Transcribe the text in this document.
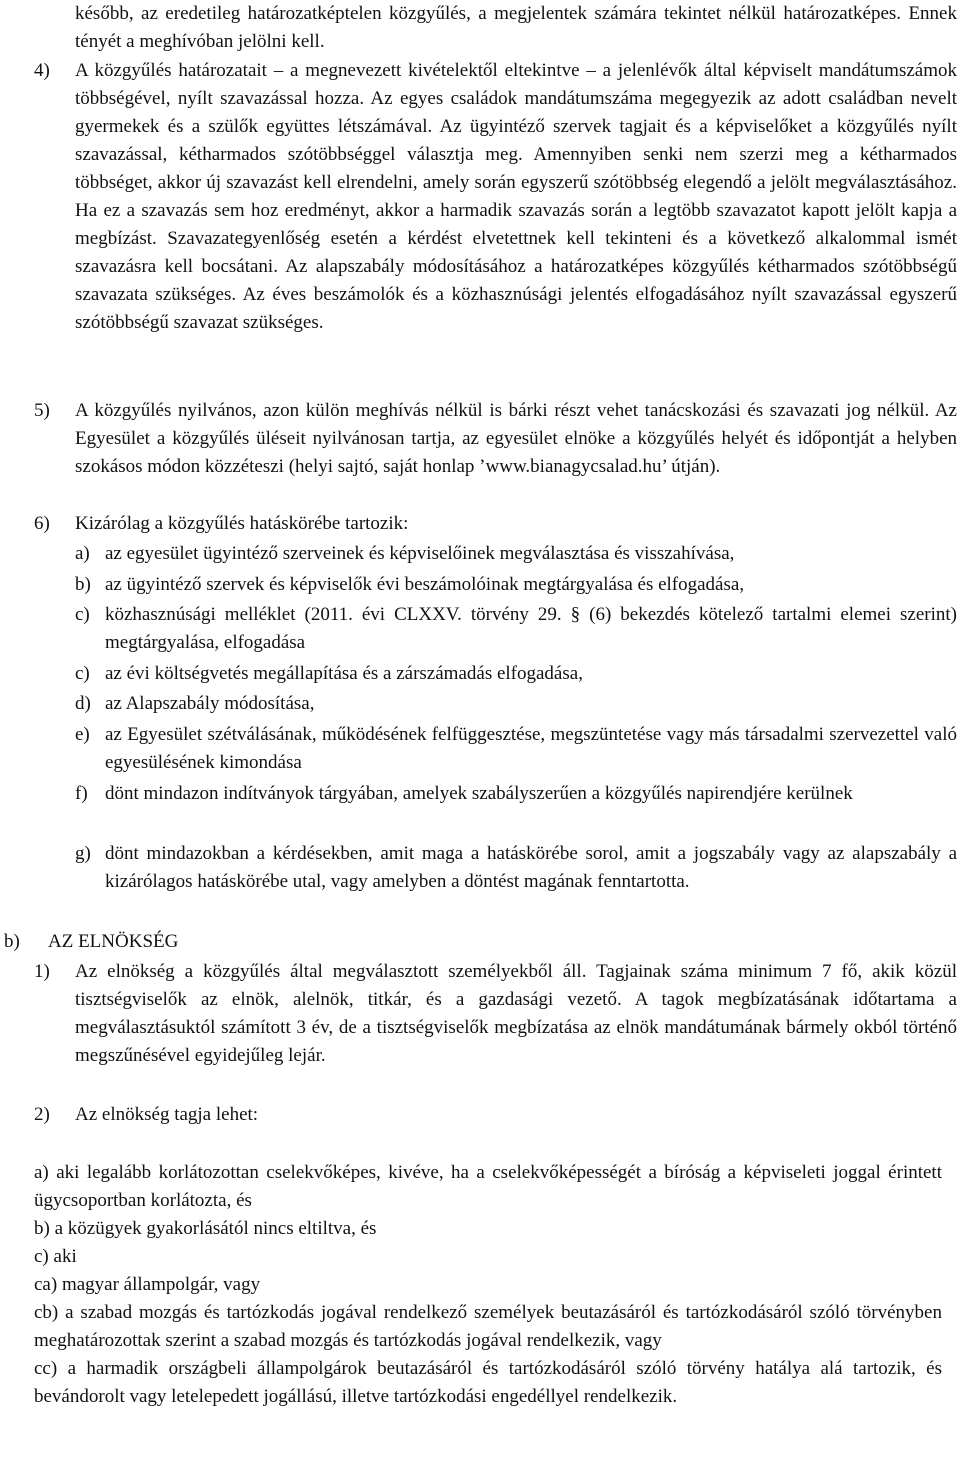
később, az eredetileg határozatképtelen közgyűlés, a megjelentek számára tekintet nélkül határozatképes. Ennek tényét a meghívóban jelölni kell.

4)	A közgyűlés határozatait – a megnevezett kivételektől eltekintve – a jelenlévők által képviselt mandátumszámok többségével, nyílt szavazással hozza. Az egyes családok mandátumszáma megegyezik az adott családban nevelt gyermekek és a szülők együttes létszámával. Az ügyintéző szervek tagjait és a képviselőket a közgyűlés nyílt szavazással, kétharmados szótöbbséggel választja meg. Amennyiben senki nem szerzi meg a kétharmados többséget, akkor új szavazást kell elrendelni, amely során egyszerű szótöbbség elegendő a jelölt megválasztásához. Ha ez a szavazás sem hoz eredményt, akkor a harmadik szavazás során a legtöbb szavazatot kapott jelölt kapja a megbízást. Szavazategyenlőség esetén a kérdést elvetettnek kell tekinteni és a következő alkalommal ismét szavazásra kell bocsátani. Az alapszabály módosításához a határozatképes közgyűlés kétharmados szótöbbségű szavazata szükséges. Az éves beszámolók és a közhasznúsági jelentés elfogadásához nyílt szavazással egyszerű szótöbbségű szavazat szükséges.

5)	A közgyűlés nyilvános, azon külön meghívás nélkül is bárki részt vehet tanácskozási és szavazati jog nélkül. Az Egyesület a közgyűlés üléseit nyilvánosan tartja, az egyesület elnöke a közgyűlés helyét és időpontját a helyben szokásos módon közzéteszi (helyi sajtó, saját honlap ’www.bianagycsalad.hu’ útján).

6)	Kizárólag a közgyűlés hatáskörébe tartozik:

a) az egyesület ügyintéző szerveinek és képviselőinek megválasztása és visszahívása,

b) az ügyintéző szervek és képviselők évi beszámolóinak megtárgyalása és elfogadása,

c) közhasznúsági melléklet (2011. évi CLXXV. törvény 29. § (6) bekezdés kötelező tartalmi elemei szerint) megtárgyalása, elfogadása

c) az évi költségvetés megállapítása és a zárszámadás elfogadása,

d) az Alapszabály módosítása,

e) az Egyesület szétválásának, működésének felfüggesztése, megszüntetése vagy más társadalmi szervezettel való egyesülésének kimondása

f) dönt mindazon indítványok tárgyában, amelyek szabályszerűen a közgyűlés napirendjére kerülnek

g) dönt mindazokban a kérdésekben, amit maga a hatáskörébe sorol, amit a jogszabály vagy az alapszabály a kizárólagos hatáskörébe utal, vagy amelyben a döntést magának fenntartotta.

b)	AZ ELNÖKSÉG

1)	Az elnökség a közgyűlés által megválasztott személyekből áll. Tagjainak száma minimum 7 fő, akik közül tisztségviselők az elnök, alelnök, titkár, és a gazdasági vezető. A tagok megbízatásának időtartama a megválasztásuktól számított 3 év, de a tisztségviselők megbízatása az elnök mandátumának bármely okból történő megszűnésével egyidejűleg lejár.

2)	Az elnökség tagja lehet:

a) aki legalább korlátozottan cselekvőképes, kivéve, ha a cselekvőképességét a bíróság a képviseleti joggal érintett ügycsoportban korlátozta, és

b) a közügyek gyakorlásától nincs eltiltva, és

c) aki

ca) magyar állampolgár, vagy

cb) a szabad mozgás és tartózkodás jogával rendelkező személyek beutazásáról és tartózkodásáról szóló törvényben meghatározottak szerint a szabad mozgás és tartózkodás jogával rendelkezik, vagy

cc) a harmadik országbeli állampolgárok beutazásáról és tartózkodásáról szóló törvény hatálya alá tartozik, és bevándorolt vagy letelepedett jogállású, illetve tartózkodási engedéllyel rendelkezik.
